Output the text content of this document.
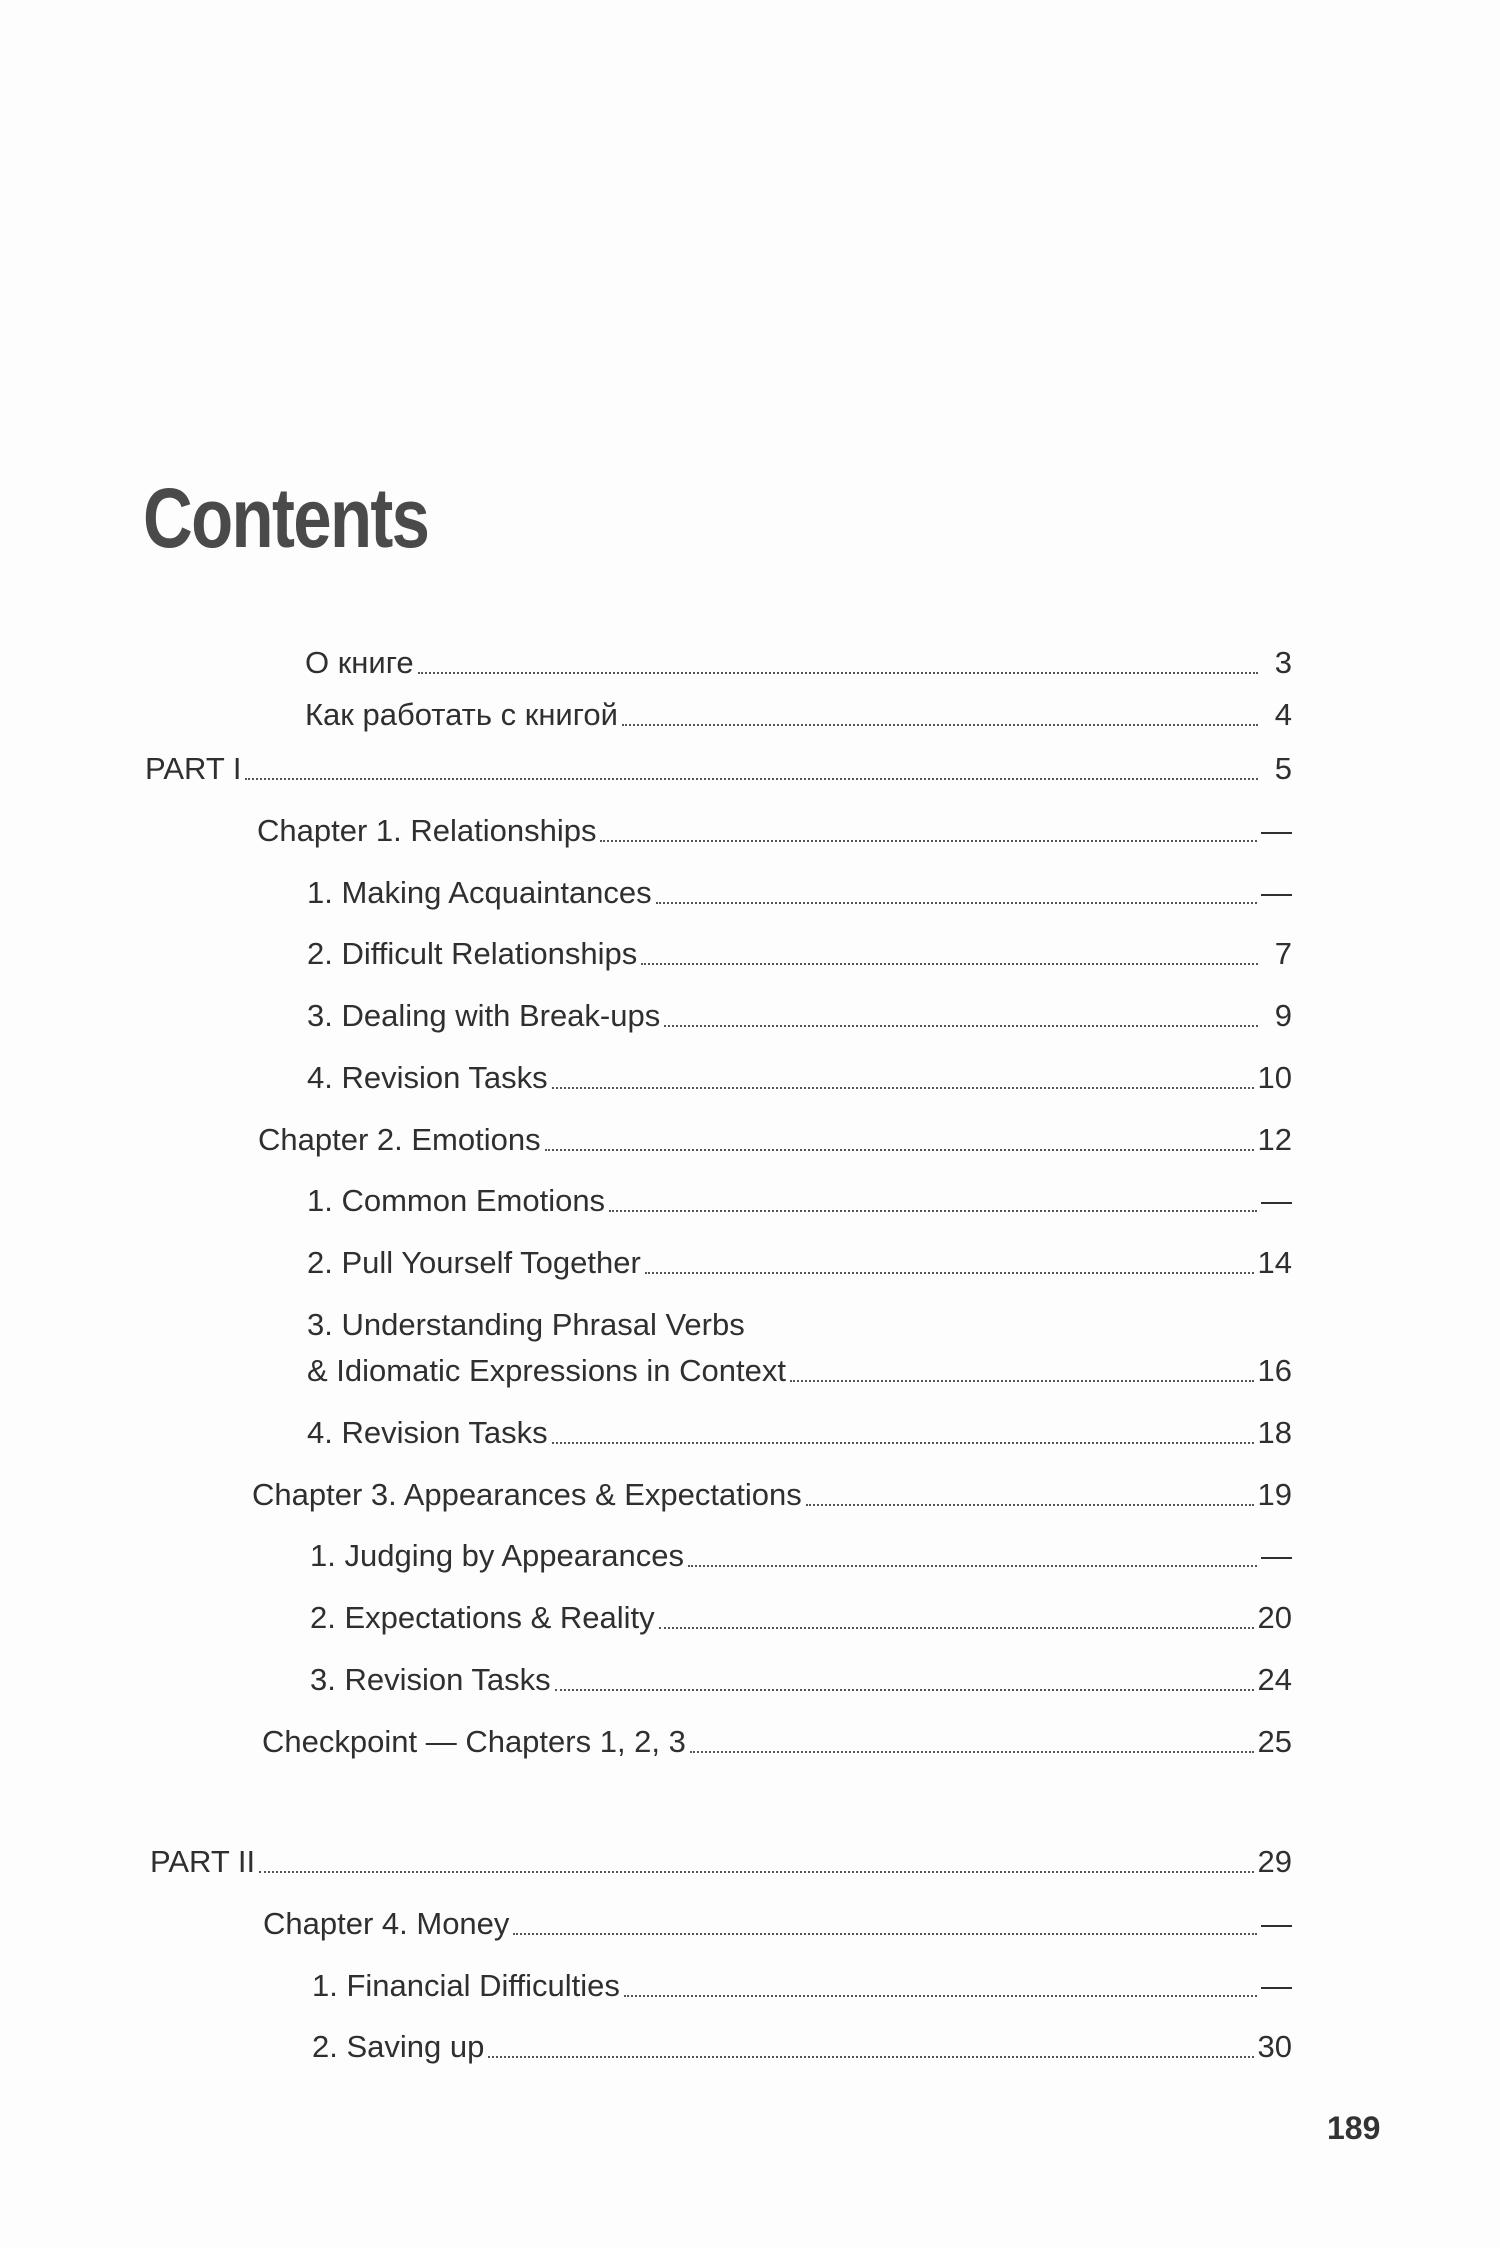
Contents
О книге	3
Как работать с книгой	4
PART I	5
Chapter 1. Relationships	—
1. Making Acquaintances	—
2. Difficult Relationships	7
3. Dealing with Break-ups	9
4. Revision Tasks	10
Chapter 2. Emotions	12
1. Common Emotions	—
2. Pull Yourself Together	14
3. Understanding Phrasal Verbs
& Idiomatic Expressions in Context	16
4. Revision Tasks	18
Chapter 3. Appearances & Expectations	19
1. Judging by Appearances	—
2. Expectations & Reality	20
3. Revision Tasks	24
Checkpoint — Chapters 1, 2, 3	25
PART II	29
Chapter 4. Money	—
1. Financial Difficulties	—
2. Saving up	30
189
